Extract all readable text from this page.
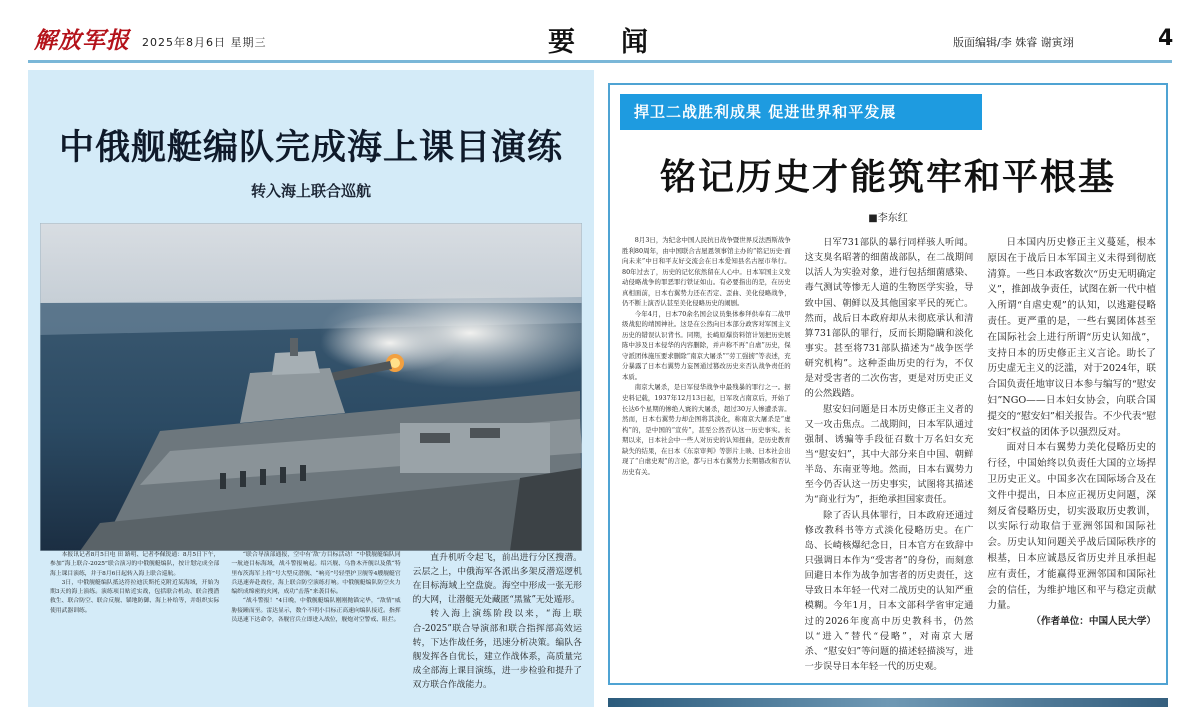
解放军报 2025年8月6日 星期三	要闻	版面编辑/李 姝睿 谢寅翊	4
中俄舰艇编队完成海上课目演练
转入海上联合巡航

本报讯记者8月5日电 田 路明、记者李佩锐通：8月5日下午，参加“海上联合-2025”联合演习的中俄舰艇编队，按计划完成全部海上课目演练，并于8月6日起转入海上联合巡航。

3日，中俄舰艇编队抵达符拉迪沃斯托克附近某海域，开始为期3天的海上演练。演练项目贴近实战，包括联合机动、联合搜潜救生、联合防空、联合反舰、锚地防御、海上补给等，并组织实际使用武器训练。

“联合导演部通报，空中有‘敌’方目标活动！”中俄舰艇编队同一航迹目标海域，战斗警报响起。绍兴舰、乌鲁木齐舰以及俄“特里布茨海军上将”号大型反潜舰、“响亮”号轻型护卫舰等4艘舰艇官兵迅速奔赴战位，海上联合防空演练打响。中俄舰艇编队防空火力编织成绵密的火网，成功“击落”来袭目标。

“战斗警报！”4日晚，中俄舰艇编队刚刚抛锚完毕，“敌情”威胁接踵而至。雷达显示，数个不明小目标正高速向编队接近。指挥员迅速下达命令，各舰官兵立即进入战位，舰炮对空警戒、阻拦。

直升机听令起飞，前出进行分区搜潜。云层之上，中俄海军各派出多架反潜巡逻机在目标海域上空盘旋。海空中形成一张无形的大网，让潜艇无处藏匿“黑鲨”无处遁形。

转入海上演练阶段以来，“海上联合-2025”联合导演部和联合指挥部高效运转，下达作战任务，迅速分析决策。编队各舰发挥各自优长，建立作战体系，高质量完成全部海上课目演练，进一步检验和提升了双方联合作战能力。

捍卫二战胜利成果 促进世界和平发展
铭记历史才能筑牢和平根基
■李东红

8月3日，为纪念中国人民抗日战争暨世界反法西斯战争胜利80周年，由中国联合古屋恩领事馆主办的“铭记历史·面向未来”中日和平友好交流会在日本爱知县名古屋市举行。80年过去了，历史的记忆依然留在人心中。日本军国主义发动侵略战争的罪恶罪行铁证如山。有必要指出的是，在历史真相面前，日本右翼势力还在否定、歪曲、美化侵略战争，仍不断上演否认甚至美化侵略历史的闹剧。

今年4月，日本70余名国会议员集体参拜供奉有二战甲级战犯的靖国神社。这是在公然向日本部分政客对军国主义历史的错误认识背书。同期，长崎原爆资料馆计划把历史展陈中涉及日本侵华的内容删除，并声称不再“自虐”历史，保守派团体施压要求删除“南京大屠杀”“劳工强掳”等表述，充分暴露了日本右翼势力妄图通过篡改历史来否认战争责任的本质。

南京大屠杀，是日军侵华战争中最残暴的罪行之一。据史料记载，1937年12月13日起，日军攻占南京后，开始了长达6个星期的惨绝人寰的大屠杀，超过30万人惨遭杀害。然而，日本右翼势力却企图将其淡化，称南京大屠杀是“虚构”的，是中国的“宣传”，甚至公然否认这一历史事实。长期以来，日本社会中一些人对历史的认知扭曲，是历史教育缺失的结果，在日本《东京审判》等影片上映、日本社会出现了“自虐史观”的言论，都与日本右翼势力长期篡改和否认历史有关。

日军731部队的暴行同样骇人听闻。这支臭名昭著的细菌战部队，在二战期间以活人为实验对象，进行包括细菌感染、毒气测试等惨无人道的生物医学实验，导致中国、朝鲜以及其他国家平民的死亡。然而，战后日本政府却从未彻底承认和清算731部队的罪行，反而长期隐瞒和淡化事实。甚至将731部队描述为“战争医学研究机构”。这种歪曲历史的行为，不仅是对受害者的二次伤害，更是对历史正义的公然践踏。

慰安妇问题是日本历史修正主义者的又一攻击焦点。二战期间，日本军队通过强制、诱骗等手段征召数十万名妇女充当“慰安妇”，其中大部分来自中国、朝鲜半岛、东南亚等地。然而，日本右翼势力至今仍否认这一历史事实，试图将其描述为“商业行为”，拒绝承担国家责任。

除了否认具体罪行，日本政府还通过修改教科书等方式淡化侵略历史。在广岛、长崎核爆纪念日，日本官方在致辞中只强调日本作为“受害者”的身份，而刻意回避日本作为战争加害者的历史责任，这导致日本年轻一代对二战历史的认知严重模糊。今年1月，日本文部科学省审定通过的2026年度高中历史教科书，仍然以“进入”替代“侵略”，对南京大屠杀、“慰安妇”等问题的描述轻描淡写，进一步误导日本年轻一代的历史观。

日本国内历史修正主义蔓延，根本原因在于战后日本军国主义未得到彻底清算。一些日本政客数次“历史无明确定义”，推卸战争责任，试图在新一代中植入所谓“自虐史观”的认知，以逃避侵略责任。更严重的是，一些右翼团体甚至在国际社会上进行所谓“历史认知战”，支持日本的历史修正主义言论。助长了历史虚无主义的泛滥，对于2024年，联合国负责任地审议日本参与编写的“慰安妇”NGO——日本妇女协会，向联合国提交的“慰安妇”相关报告。不少代表“慰安妇”权益的团体予以强烈反对。

面对日本右翼势力美化侵略历史的行径，中国始终以负责任大国的立场捍卫历史正义。中国多次在国际场合及在文件中提出，日本应正视历史问题，深刻反省侵略历史，切实汲取历史教训，以实际行动取信于亚洲邻国和国际社会。历史认知问题关乎战后国际秩序的根基，日本应诚恳反省历史并且承担起应有责任，才能赢得亚洲邻国和国际社会的信任，为维护地区和平与稳定贡献力量。

（作者单位：中国人民大学）
